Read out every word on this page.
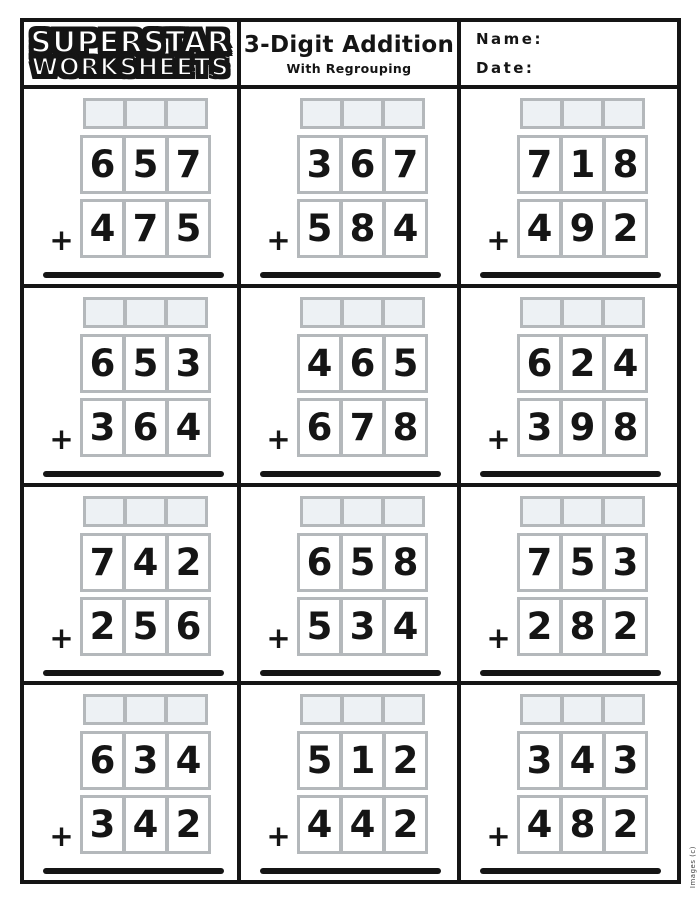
SUPERSTAR
WORKSHEETS
3-Digit Addition
With Regrouping
Name:
Date:
6 5 7
+ 4 7 5
3 6 7
+ 5 8 4
7 1 8
+ 4 9 2
6 5 3
+ 3 6 4
4 6 5
+ 6 7 8
6 2 4
+ 3 9 8
7 4 2
+ 2 5 6
6 5 8
+ 5 3 4
7 5 3
+ 2 8 2
6 3 4
+ 3 4 2
5 1 2
+ 4 4 2
3 4 3
+ 4 8 2
Images (c)
